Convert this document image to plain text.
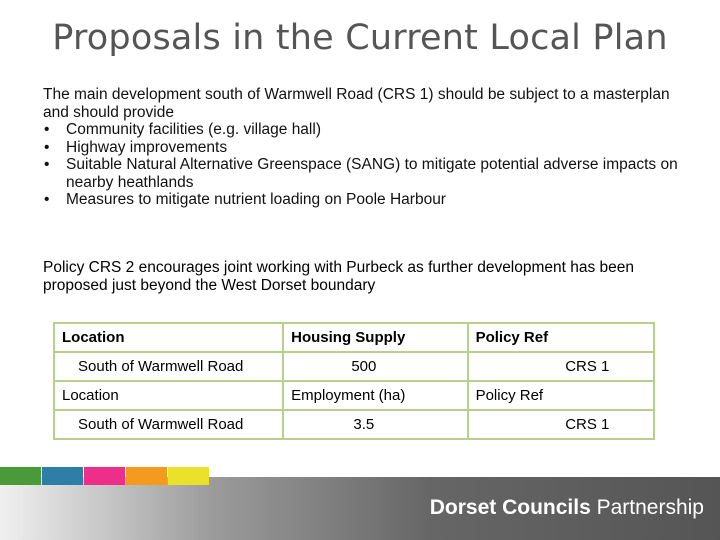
Proposals in the Current Local Plan

The main development south of Warmwell Road (CRS 1) should be subject to a masterplan and should provide

• Community facilities (e.g. village hall)
• Highway improvements
• Suitable Natural Alternative Greenspace (SANG) to mitigate potential adverse impacts on nearby heathlands
• Measures to mitigate nutrient loading on Poole Harbour

Policy CRS 2 encourages joint working with Purbeck as further development has been proposed just beyond the West Dorset boundary

Location	Housing Supply	Policy Ref
South of Warmwell Road	500	CRS 1
Location	Employment (ha)	Policy Ref
South of Warmwell Road	3.5	CRS 1
Dorset Councils Partnership
